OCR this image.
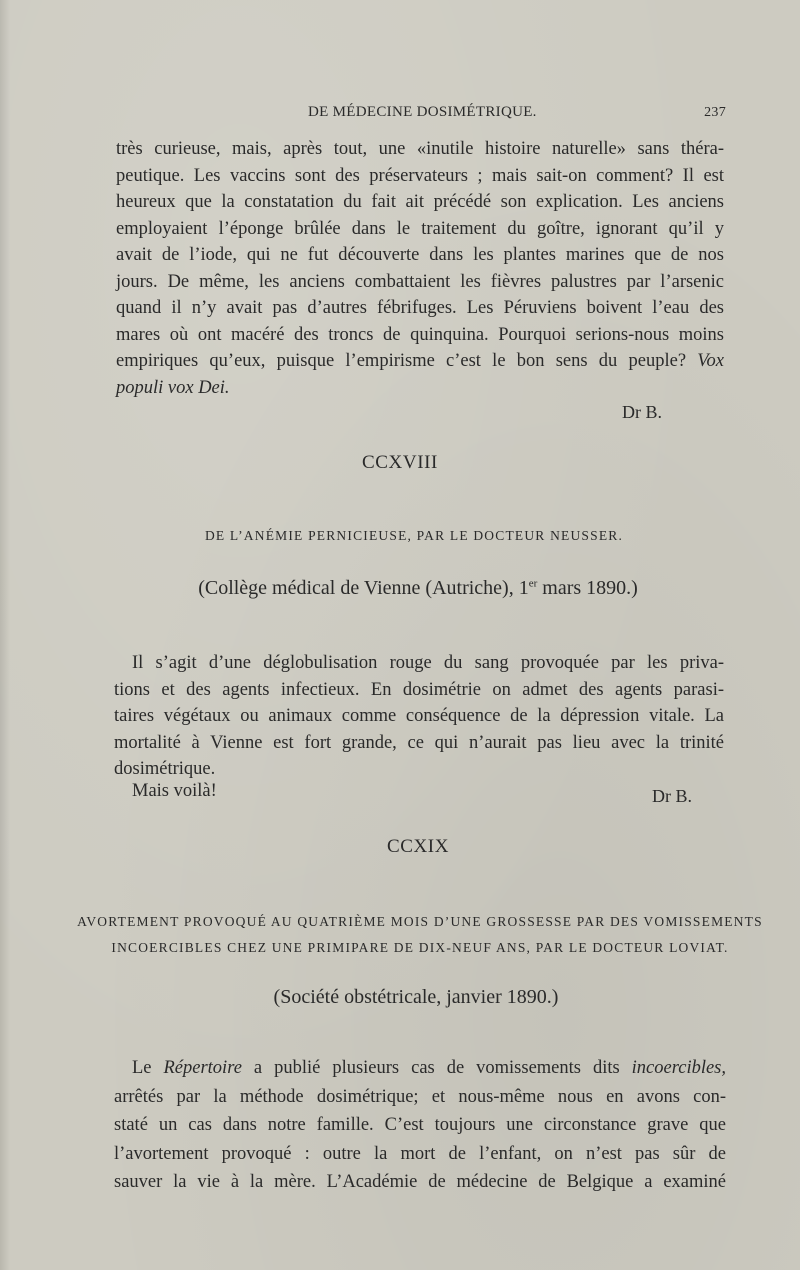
DE MÉDECINE DOSIMÉTRIQUE.	237
très curieuse, mais, après tout, une «inutile histoire naturelle» sans théra-
peutique. Les vaccins sont des préservateurs ; mais sait-on comment? Il est
heureux que la constatation du fait ait précédé son explication. Les anciens
employaient l’éponge brûlée dans le traitement du goître, ignorant qu’il y
avait de l’iode, qui ne fut découverte dans les plantes marines que de nos
jours. De même, les anciens combattaient les fièvres palustres par l’arsenic
quand il n’y avait pas d’autres fébrifuges. Les Péruviens boivent l’eau des
mares où ont macéré des troncs de quinquina. Pourquoi serions-nous moins
empiriques qu’eux, puisque l’empirisme c’est le bon sens du peuple? Vox
populi vox Dei.
Dr B.
CCXVIII
DE L’ANÉMIE PERNICIEUSE, PAR LE DOCTEUR NEUSSER.
(Collège médical de Vienne (Autriche), 1er mars 1890.)
Il s’agit d’une déglobulisation rouge du sang provoquée par les priva-
tions et des agents infectieux. En dosimétrie on admet des agents parasi-
taires végétaux ou animaux comme conséquence de la dépression vitale. La
mortalité à Vienne est fort grande, ce qui n’aurait pas lieu avec la trinité
dosimétrique.
Mais voilà!	Dr B.
CCXIX
AVORTEMENT PROVOQUÉ AU QUATRIÈME MOIS D’UNE GROSSESSE PAR DES VOMISSEMENTS
INCOERCIBLES CHEZ UNE PRIMIPARE DE DIX-NEUF ANS, PAR LE DOCTEUR LOVIAT.
(Société obstétricale, janvier 1890.)
Le Répertoire a publié plusieurs cas de vomissements dits incoercibles,
arrêtés par la méthode dosimétrique; et nous-même nous en avons con-
staté un cas dans notre famille. C’est toujours une circonstance grave que
l’avortement provoqué : outre la mort de l’enfant, on n’est pas sûr de
sauver la vie à la mère. L’Académie de médecine de Belgique a examiné
